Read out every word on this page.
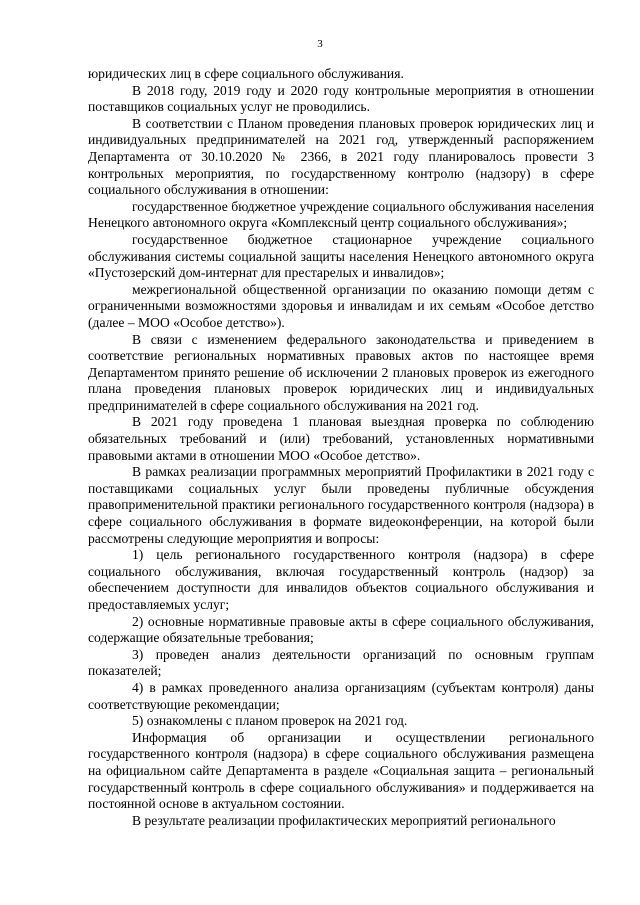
3

юридических лиц в сфере социального обслуживания.

В 2018 году, 2019 году и 2020 году контрольные мероприятия в отношении поставщиков социальных услуг не проводились.

В соответствии с Планом проведения плановых проверок юридических лиц и индивидуальных предпринимателей на 2021 год, утвержденный распоряжением Департамента от 30.10.2020 № 2366, в 2021 году планировалось провести 3 контрольных мероприятия, по государственному контролю (надзору) в сфере социального обслуживания в отношении:

государственное бюджетное учреждение социального обслуживания населения Ненецкого автономного округа «Комплексный центр социального обслуживания»;

государственное бюджетное стационарное учреждение социального обслуживания системы социальной защиты населения Ненецкого автономного округа «Пустозерский дом-интернат для престарелых и инвалидов»;

межрегиональной общественной организации по оказанию помощи детям с ограниченными возможностями здоровья и инвалидам и их семьям «Особое детство (далее – МОО «Особое детство»).

В связи с изменением федерального законодательства и приведением в соответствие региональных нормативных правовых актов по настоящее время Департаментом принято решение об исключении 2 плановых проверок из ежегодного плана проведения плановых проверок юридических лиц и индивидуальных предпринимателей в сфере социального обслуживания на 2021 год.

В 2021 году проведена 1 плановая выездная проверка по соблюдению обязательных требований и (или) требований, установленных нормативными правовыми актами в отношении МОО «Особое детство».

В рамках реализации программных мероприятий Профилактики в 2021 году с поставщиками социальных услуг были проведены публичные обсуждения правоприменительной практики регионального государственного контроля (надзора) в сфере социального обслуживания в формате видеоконференции, на которой были рассмотрены следующие мероприятия и вопросы:

1) цель регионального государственного контроля (надзора) в сфере социального обслуживания, включая государственный контроль (надзор) за обеспечением доступности для инвалидов объектов социального обслуживания и предоставляемых услуг;

2) основные нормативные правовые акты в сфере социального обслуживания, содержащие обязательные требования;

3) проведен анализ деятельности организаций по основным группам показателей;

4) в рамках проведенного анализа организациям (субъектам контроля) даны соответствующие рекомендации;

5) ознакомлены с планом проверок на 2021 год.

Информация об организации и осуществлении регионального государственного контроля (надзора) в сфере социального обслуживания размещена на официальном сайте Департамента в разделе «Социальная защита – региональный государственный контроль в сфере социального обслуживания» и поддерживается на постоянной основе в актуальном состоянии.

В результате реализации профилактических мероприятий регионального
